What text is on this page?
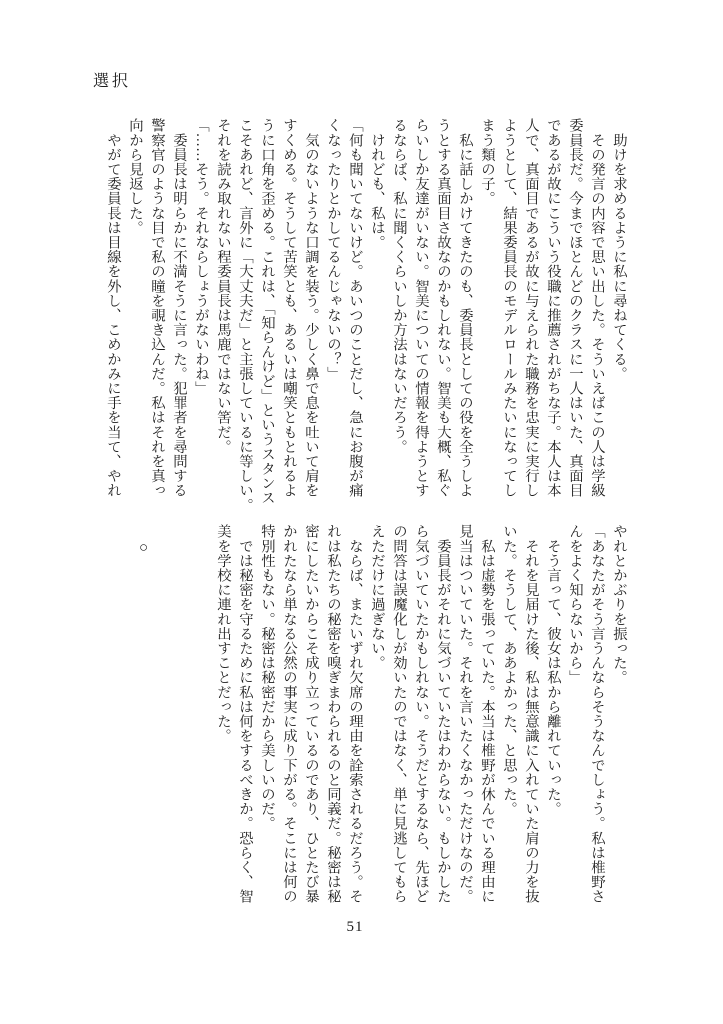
選択
　助けを求めるように私に尋ねてくる。
　その発言の内容で思い出した。そういえばこの人は学級
委員長だ。今までほとんどのクラスに一人はいた、真面目
であるが故にこういう役職に推薦されがちな子。本人は本
人で、真面目であるが故に与えられた職務を忠実に実行し
ようとして、結果委員長のモデルロールみたいになってし
まう類の子。
　私に話しかけてきたのも、委員長としての役を全うしよ
うとする真面目さ故なのかもしれない。智美も大概、私ぐ
らいしか友達がいない。智美についての情報を得ようとす
るならば、私に聞くくらいしか方法はないだろう。
　けれども、私は。
「何も聞いてないけど。あいつのことだし、急にお腹が痛
くなったりとかしてるんじゃないの？」
　気のないような口調を装う。少しく鼻で息を吐いて肩を
すくめる。そうして苦笑とも、あるいは嘲笑ともとれるよ
うに口角を歪める。これは、「知らんけど」というスタンス
こそあれど、言外に「大丈夫だ」と主張しているに等しい。
それを読み取れない程委員長は馬鹿ではない筈だ。
「……そう。それならしょうがないわね」
　委員長は明らかに不満そうに言った。犯罪者を尋問する
警察官のような目で私の瞳を覗き込んだ。私はそれを真っ
向から見返した。
　やがて委員長は目線を外し、こめかみに手を当て、やれ
やれとかぶりを振った。
「あなたがそう言うんならそうなんでしょう。私は椎野さ
んをよく知らないから」
　そう言って、彼女は私から離れていった。
　それを見届けた後、私は無意識に入れていた肩の力を抜
いた。そうして、ああよかった、と思った。
　私は虚勢を張っていた。本当は椎野が休んでいる理由に
見当はついていた。それを言いたくなかっただけなのだ。
　委員長がそれに気づいていたはわからない。もしかした
ら気づいていたかもしれない。そうだとするなら、先ほど
の問答は誤魔化しが効いたのではなく、単に見逃してもら
えただけに過ぎない。
　ならば、またいずれ欠席の理由を詮索されるだろう。そ
れは私たちの秘密を嗅ぎまわられるのと同義だ。秘密は秘
密にしたいからこそ成り立っているのであり、ひとたび暴
かれたなら単なる公然の事実に成り下がる。そこには何の
特別性もない。秘密は秘密だから美しいのだ。
　では秘密を守るために私は何をするべきか。恐らく、智
美を学校に連れ出すことだった。
○
51
